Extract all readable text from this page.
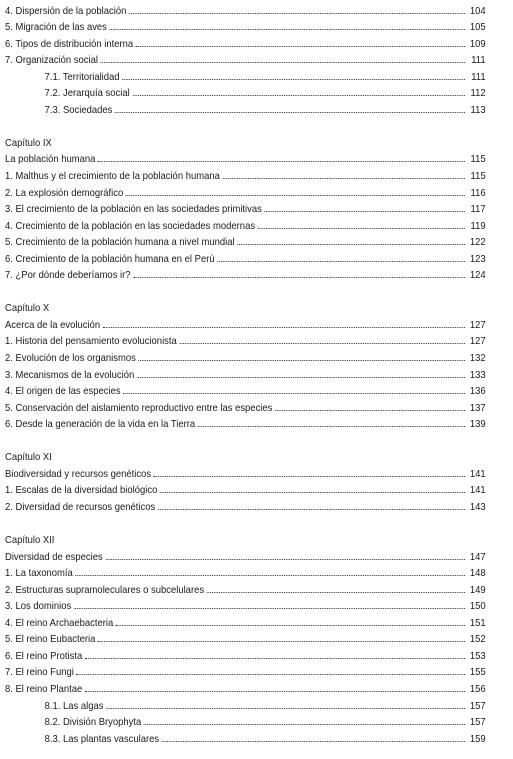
4. Dispersión de la población	104
5. Migración de las aves	105
6. Tipos de distribución interna	109
7. Organización social	111
7.1. Territorialidad	111
7.2. Jerarquía social	112
7.3. Sociedades	113
Capítulo IX
La población humana	115
1. Malthus y el crecimiento de la población humana	115
2. La explosión demográfico	116
3. El crecimiento de la población en las sociedades primitivas	117
4. Crecimiento de la población en las sociedades modernas	119
5. Crecimiento de la población humana a nivel mundial	122
6. Crecimiento de la población humana en el Perú	123
7. ¿Por dónde deberíamos ir?	124
Capítulo X
Acerca de la evolución	127
1. Historia del pensamiento evolucionista	127
2. Evolución de los organismos	132
3. Mecanismos de la evolución	133
4. El origen de las especies	136
5. Conservación del aislamiento reproductivo entre las especies	137
6. Desde la generación de la vida en la Tierra	139
Capítulo XI
Biodiversidad y recursos genéticos	141
1. Escalas de la diversidad biológico	141
2. Diversidad de recursos genéticos	143
Capítulo XII
Diversidad de especies	147
1. La taxonomía	148
2. Estructuras supramoleculares o subcelulares	149
3. Los dominios	150
4. El reino Archaebacteria	151
5. El reino Eubacteria	152
6. El reino Protista	153
7. El reino Fungi	155
8. El reino Plantae	156
8.1. Las algas	157
8.2. División Bryophyta	157
8.3. Las plantas vasculares	159
